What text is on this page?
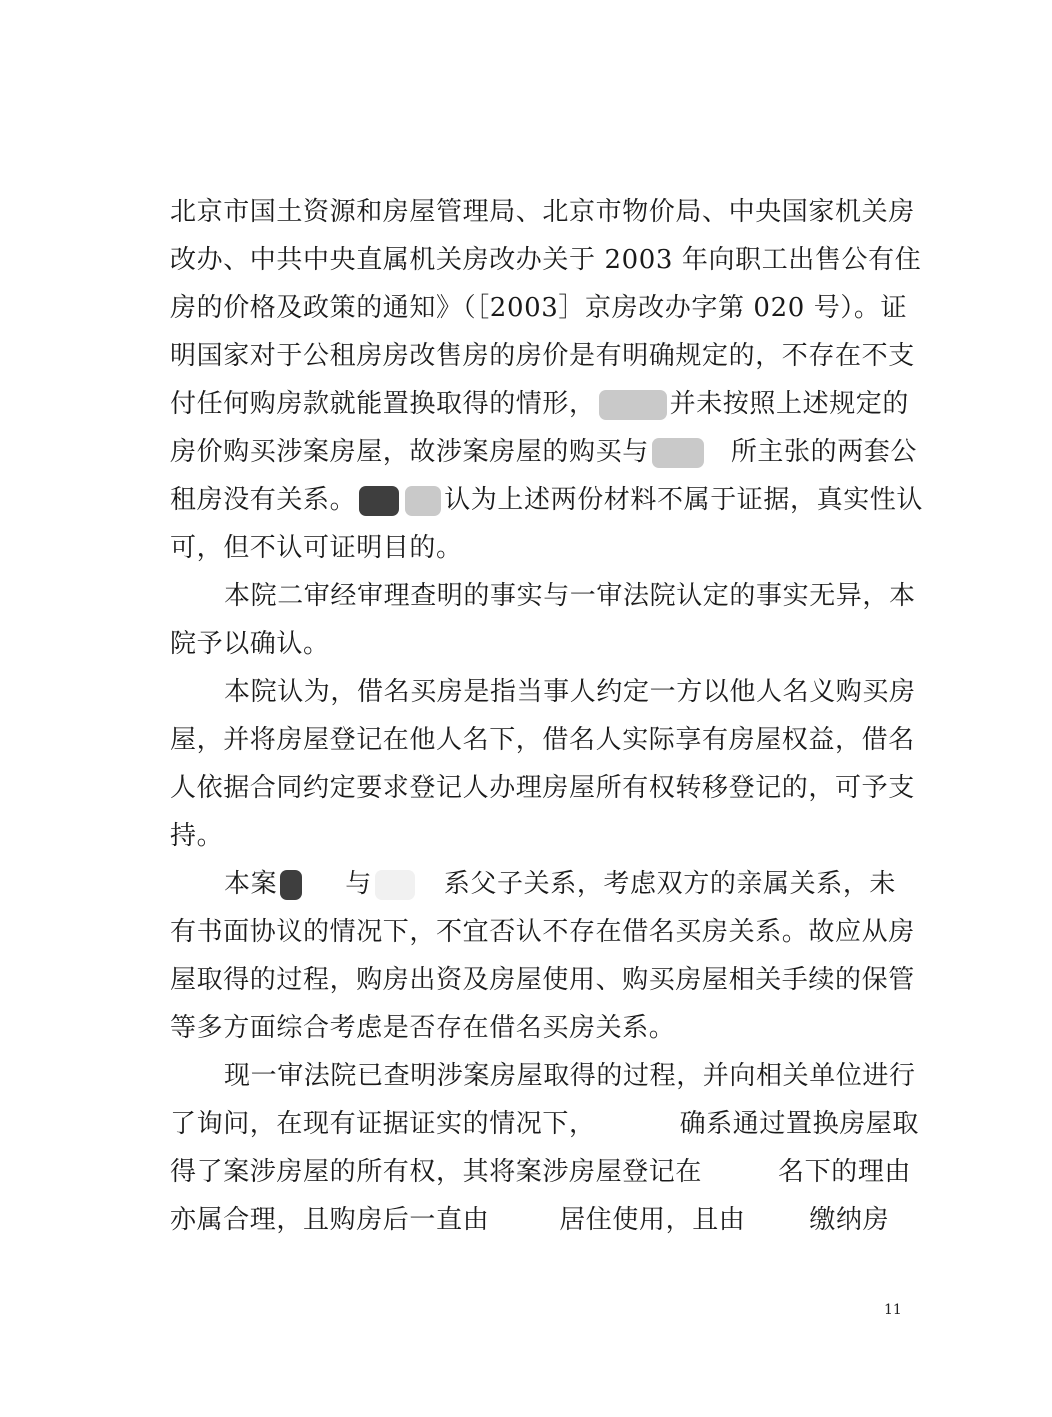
北京市国土资源和房屋管理局、北京市物价局、中央国家机关房
改办、中共中央直属机关房改办关于 2003 年向职工出售公有住
房的价格及政策的通知》（［2003］京房改办字第 020 号）。证
明国家对于公租房房改售房的房价是有明确规定的，不存在不支
付任何购房款就能置换取得的情形，	并未按照上述规定的
房价购买涉案房屋，故涉案房屋的购买与	所主张的两套公
租房没有关系。	认为上述两份材料不属于证据，真实性认
可，但不认可证明目的。
本院二审经审理查明的事实与一审法院认定的事实无异，本
院予以确认。
本院认为，借名买房是指当事人约定一方以他人名义购买房
屋，并将房屋登记在他人名下，借名人实际享有房屋权益，借名
人依据合同约定要求登记人办理房屋所有权转移登记的，可予支
持。
本案	与	系父子关系，考虑双方的亲属关系，未
有书面协议的情况下，不宜否认不存在借名买房关系。故应从房
屋取得的过程，购房出资及房屋使用、购买房屋相关手续的保管
等多方面综合考虑是否存在借名买房关系。
现一审法院已查明涉案房屋取得的过程，并向相关单位进行
了询问，在现有证据证实的情况下，	确系通过置换房屋取
得了案涉房屋的所有权，其将案涉房屋登记在	名下的理由
亦属合理，且购房后一直由	居住使用，且由 缴纳房
11
